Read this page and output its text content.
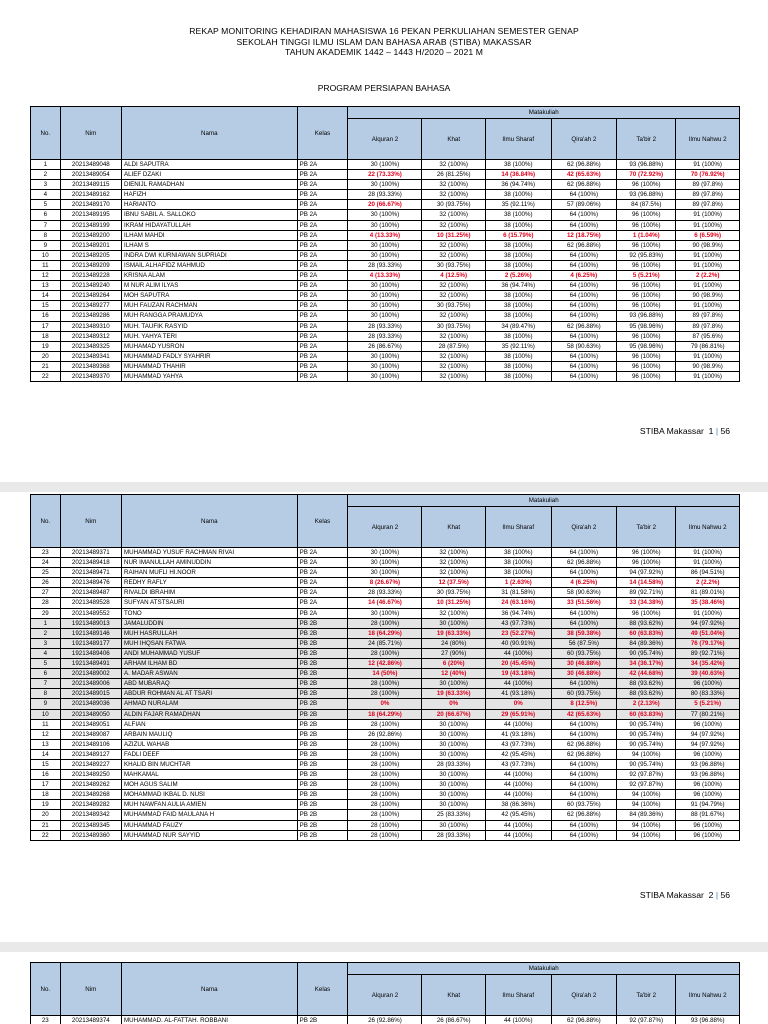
REKAP MONITORING KEHADIRAN MAHASISWA 16 PEKAN PERKULIAHAN SEMESTER GENAP
SEKOLAH TINGGI ILMU ISLAM DAN BAHASA ARAB (STIBA) MAKASSAR
TAHUN AKADEMIK 1442 – 1443 H/2020 – 2021 M
PROGRAM PERSIAPAN BAHASA
No.	Nim	Nama	Kelas	Matakuliah					
				Alquran 2	Khat	Ilmu Sharaf	Qira'ah 2	Ta'bir 2	Ilmu Nahwu 2
1	20213489048	ALDI SAPUTRA	PB 2A	30 (100%)	32 (100%)	38 (100%)	62 (96.88%)	93 (96.88%)	91 (100%)
2	20213489054	ALIEF DZAKI	PB 2A	22 (73.33%)	26 (81.25%)	14 (36.84%)	42 (65.63%)	70 (72.92%)	70 (76.92%)
3	20213489115	DIENIJL RAMADHAN	PB 2A	30 (100%)	32 (100%)	36 (94.74%)	62 (96.88%)	96 (100%)	89 (97.8%)
4	20213489162	HAFIZH	PB 2A	28 (93.33%)	32 (100%)	38 (100%)	64 (100%)	93 (96.88%)	89 (97.8%)
5	20213489170	HARIANTO	PB 2A	20 (66.67%)	30 (93.75%)	35 (92.11%)	57 (89.06%)	84 (87.5%)	89 (97.8%)
6	20213489195	IBNU SABIL A. SALLOKO	PB 2A	30 (100%)	32 (100%)	38 (100%)	64 (100%)	96 (100%)	91 (100%)
7	20213489199	IKRAM HIDAYATULLAH	PB 2A	30 (100%)	32 (100%)	38 (100%)	64 (100%)	96 (100%)	91 (100%)
8	20213489200	ILHAM MAHDI	PB 2A	4 (13.33%)	10 (31.25%)	6 (15.79%)	12 (18.75%)	1 (1.04%)	6 (6.59%)
9	20213489201	ILHAM S	PB 2A	30 (100%)	32 (100%)	38 (100%)	62 (96.88%)	96 (100%)	90 (98.9%)
10	20213489205	INDRA DWI KURNIAWAN SUPRIADI	PB 2A	30 (100%)	32 (100%)	38 (100%)	64 (100%)	92 (95.83%)	91 (100%)
11	20213489209	ISMAIL ALHAFIDZ MAHMUD	PB 2A	28 (93.33%)	30 (93.75%)	38 (100%)	64 (100%)	96 (100%)	91 (100%)
12	20213489228	KRISNA ALAM	PB 2A	4 (13.33%)	4 (12.5%)	2 (5.26%)	4 (6.25%)	5 (5.21%)	2 (2.2%)
13	20213489240	M NUR ALIM ILYAS	PB 2A	30 (100%)	32 (100%)	36 (94.74%)	64 (100%)	96 (100%)	91 (100%)
14	20213489264	MOH SAPUTRA	PB 2A	30 (100%)	32 (100%)	38 (100%)	64 (100%)	96 (100%)	90 (98.9%)
15	20213489277	MUH FAUZAN RACHMAN	PB 2A	30 (100%)	30 (93.75%)	38 (100%)	64 (100%)	96 (100%)	91 (100%)
16	20213489286	MUH RANGGA PRAMUDYA	PB 2A	30 (100%)	32 (100%)	38 (100%)	64 (100%)	93 (96.88%)	89 (97.8%)
17	20213489310	MUH. TAUFIK RASYID	PB 2A	28 (93.33%)	30 (93.75%)	34 (89.47%)	62 (96.88%)	95 (98.96%)	89 (97.8%)
18	20213489312	MUH. YAHYA TERI	PB 2A	28 (93.33%)	32 (100%)	38 (100%)	64 (100%)	96 (100%)	87 (95.6%)
19	20213489325	MUHAMAD YUSRON	PB 2A	26 (86.67%)	28 (87.5%)	35 (92.11%)	58 (90.63%)	95 (98.96%)	79 (86.81%)
20	20213489341	MUHAMMAD FADLY SYAHRIR	PB 2A	30 (100%)	32 (100%)	38 (100%)	64 (100%)	96 (100%)	91 (100%)
21	20213489368	MUHAMMAD THAHIR	PB 2A	30 (100%)	32 (100%)	38 (100%)	64 (100%)	96 (100%)	90 (98.9%)
22	20213489370	MUHAMMAD YAHYA	PB 2A	30 (100%)	32 (100%)	38 (100%)	64 (100%)	96 (100%)	91 (100%)
STIBA Makassar 1 | 56
No.	Nim	Nama	Kelas	Matakuliah					
				Alquran 2	Khat	Ilmu Sharaf	Qira'ah 2	Ta'bir 2	Ilmu Nahwu 2
23	20213489371	MUHAMMAD YUSUF RACHMAN RIVAI	PB 2A	30 (100%)	32 (100%)	38 (100%)	64 (100%)	96 (100%)	91 (100%)
24	20213489418	NUR IMANULLAH AMINUDDIN	PB 2A	30 (100%)	32 (100%)	38 (100%)	62 (96.88%)	96 (100%)	91 (100%)
25	20213489471	RAIHAN MUFLI HI.NOOR	PB 2A	30 (100%)	32 (100%)	38 (100%)	64 (100%)	94 (97.92%)	86 (94.51%)
26	20213489476	REDHY RAFLY	PB 2A	8 (26.67%)	12 (37.5%)	1 (2.63%)	4 (6.25%)	14 (14.58%)	2 (2.2%)
27	20213489487	RIVALDI IBRAHIM	PB 2A	28 (93.33%)	30 (93.75%)	31 (81.58%)	58 (90.63%)	89 (92.71%)	81 (89.01%)
28	20213489528	SUFYAN ATSTSAURI	PB 2A	14 (46.67%)	10 (31.25%)	24 (63.16%)	33 (51.56%)	33 (34.38%)	35 (38.46%)
29	20213489552	TONO	PB 2A	30 (100%)	32 (100%)	36 (94.74%)	64 (100%)	96 (100%)	91 (100%)
1	19213489013	JAMALUDDIN	PB 2B	28 (100%)	30 (100%)	43 (97.73%)	64 (100%)	88 (93.62%)	94 (97.92%)
2	19213489146	MUH HASRULLAH	PB 2B	18 (64.29%)	19 (63.33%)	23 (52.27%)	38 (59.38%)	60 (63.83%)	49 (51.04%)
3	19213489177	MUH IHQSAN FATWA	PB 2B	24 (85.71%)	24 (80%)	40 (90.91%)	56 (87.5%)	84 (89.36%)	76 (79.17%)
4	19213489406	ANDI MUHAMMAD YUSUF	PB 2B	28 (100%)	27 (90%)	44 (100%)	60 (93.75%)	90 (95.74%)	89 (92.71%)
5	19213489491	ARHAM ILHAM BD	PB 2B	12 (42.86%)	6 (20%)	20 (45.45%)	30 (46.88%)	34 (36.17%)	34 (35.42%)
6	20213489002	A. MADAR ASWAN	PB 2B	14 (50%)	12 (40%)	19 (43.18%)	30 (46.88%)	42 (44.68%)	39 (40.63%)
7	20213489006	ABD MUBARAQ	PB 2B	28 (100%)	30 (100%)	44 (100%)	64 (100%)	88 (93.62%)	96 (100%)
8	20213489015	ABDUR ROHMAN AL AT TSARI	PB 2B	28 (100%)	19 (63.33%)	41 (93.18%)	60 (93.75%)	88 (93.62%)	80 (83.33%)
9	20213489036	AHMAD NURALAM	PB 2B	0%	0%	0%	8 (12.5%)	2 (2.13%)	5 (5.21%)
10	20213489050	ALDIN FAJAR RAMADHAN	PB 2B	18 (64.29%)	20 (66.67%)	29 (65.91%)	42 (65.63%)	60 (63.83%)	77 (80.21%)
11	20213489051	ALFIAN	PB 2B	28 (100%)	30 (100%)	44 (100%)	64 (100%)	90 (95.74%)	96 (100%)
12	20213489087	ARBAIN MAULIQ	PB 2B	26 (92.86%)	30 (100%)	41 (93.18%)	64 (100%)	90 (95.74%)	94 (97.92%)
13	20213489106	AZIZUL WAHAB	PB 2B	28 (100%)	30 (100%)	43 (97.73%)	62 (96.88%)	90 (95.74%)	94 (97.92%)
14	20213489127	FADLI DEEF	PB 2B	28 (100%)	30 (100%)	42 (95.45%)	62 (96.88%)	94 (100%)	96 (100%)
15	20213489227	KHALID BIN MUCHTAR	PB 2B	28 (100%)	28 (93.33%)	43 (97.73%)	64 (100%)	90 (95.74%)	93 (96.88%)
16	20213489250	MAHKAMAL	PB 2B	28 (100%)	30 (100%)	44 (100%)	64 (100%)	92 (97.87%)	93 (96.88%)
17	20213489262	MOH AGUS SALIM	PB 2B	28 (100%)	30 (100%)	44 (100%)	64 (100%)	92 (97.87%)	96 (100%)
18	20213489268	MOHAMMAD IKBAL D. NUSI	PB 2B	28 (100%)	30 (100%)	44 (100%)	64 (100%)	94 (100%)	96 (100%)
19	20213489282	MUH NAWFAN AULIA AMIEN	PB 2B	28 (100%)	30 (100%)	38 (86.36%)	60 (93.75%)	94 (100%)	91 (94.79%)
20	20213489342	MUHAMMAD FAID MAULANA H	PB 2B	28 (100%)	25 (83.33%)	42 (95.45%)	62 (96.88%)	84 (89.36%)	88 (91.67%)
21	20213489345	MUHAMMAD FAUZY	PB 2B	28 (100%)	30 (100%)	44 (100%)	64 (100%)	94 (100%)	96 (100%)
22	20213489360	MUHAMMAD NUR SAYYID	PB 2B	28 (100%)	28 (93.33%)	44 (100%)	64 (100%)	94 (100%)	96 (100%)
STIBA Makassar 2 | 56
No.	Nim	Nama	Kelas	Matakuliah					
				Alquran 2	Khat	Ilmu Sharaf	Qira'ah 2	Ta'bir 2	Ilmu Nahwu 2
23	20213489374	MUHAMMAD. AL-FATTAH. ROBBANI	PB 2B	26 (92.86%)	26 (86.67%)	44 (100%)	62 (96.88%)	92 (97.87%)	93 (96.88%)
